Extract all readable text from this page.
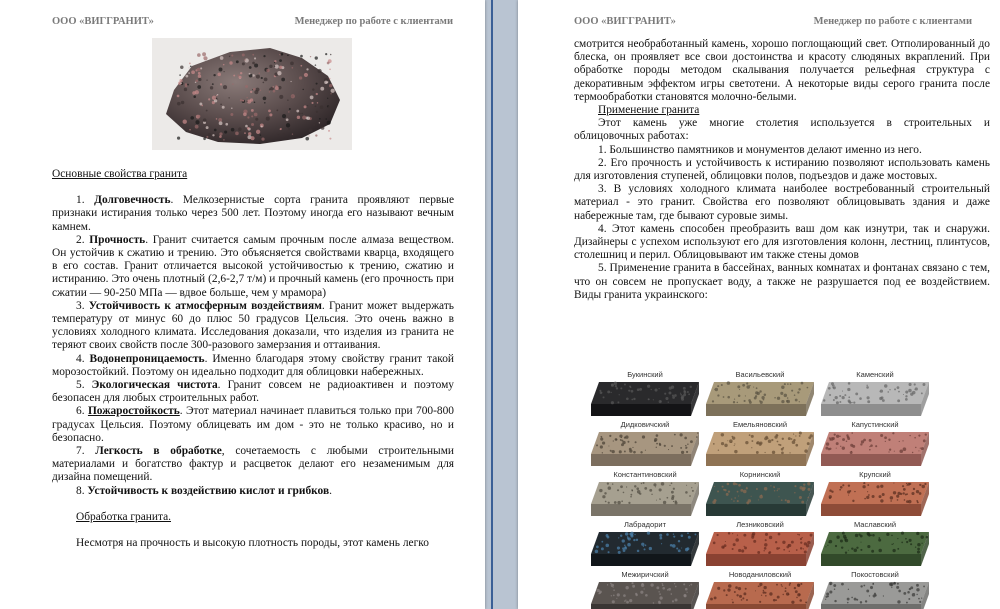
ООО «ВИГГРАНИТ»	Менеджер по работе с клиентами
Основные свойства гранита
1. Долговечность. Мелкозернистые сорта гранита проявляют первые признаки истирания только через 500 лет. Поэтому иногда его называют вечным камнем.
2. Прочность. Гранит считается самым прочным после алмаза веществом. Он устойчив к сжатию и трению. Это объясняется свойствами кварца, входящего в его состав. Гранит отличается высокой устойчивостью к трению, сжатию и истиранию. Это очень плотный (2,6-2,7 т/м) и прочный камень (его прочность при сжатии — 90-250 МПа — вдвое больше, чем у мрамора)
3. Устойчивость к атмосферным воздействиям. Гранит может выдержать температуру от минус 60 до плюс 50 градусов Цельсия. Это очень важно в условиях холодного климата. Исследования доказали, что изделия из гранита не теряют своих свойств после 300-разового замерзания и оттаивания.
4. Водонепроницаемость. Именно благодаря этому свойству гранит такой морозостойкий. Поэтому он идеально подходит для облицовки набережных.
5. Экологическая чистота. Гранит совсем не радиоактивен и поэтому безопасен для любых строительных работ.
6. Пожаростойкость. Этот материал начинает плавиться только при 700-800 градусах Цельсия. Поэтому облицевать им дом - это не только красиво, но и безопасно.
7. Легкость в обработке, сочетаемость с любыми строительными материалами и богатство фактур и расцветок делают его незаменимым для дизайна помещений.
8. Устойчивость к воздействию кислот и грибков.
Обработка гранита.
Несмотря на прочность и высокую плотность породы, этот камень легко
ООО «ВИГГРАНИТ»	Менеджер по работе с клиентами
смотрится необработанный камень, хорошо поглощающий свет. Отполированный до блеска, он проявляет все свои достоинства и красоту слюдяных вкраплений. При обработке породы методом скалывания получается рельефная структура с декоративным эффектом игры светотени. А некоторые виды серого гранита после термообработки становятся молочно-белыми.
Применение гранита
Этот камень уже многие столетия используется в строительных и облицовочных работах:
1. Большинство памятников и монументов делают именно из него.
2. Его прочность и устойчивость к истиранию позволяют использовать камень для изготовления ступеней, облицовки полов, подъездов и даже мостовых.
3. В условиях холодного климата наиболее востребованный строительный материал - это гранит. Свойства его позволяют облицовывать здания и даже набережные там, где бывают суровые зимы.
4. Этот камень способен преобразить ваш дом как изнутри, так и снаружи. Дизайнеры с успехом используют его для изготовления колонн, лестниц, плинтусов, столешниц и перил. Облицовывают им также стены домов
5. Применение гранита в бассейнах, ванных комнатах и фонтанах связано с тем, что он совсем не пропускает воду, а также не разрушается под ее воздействием. Виды гранита украинского:
Букинский	Васильевский	Каменский
Дидковичский	Емельяновский	Капустинский
Константиновский	Корнинский	Крупский
Лабрадорит	Лезниковский	Маславский
Межиричский	Новоданиловский	Покостовский
